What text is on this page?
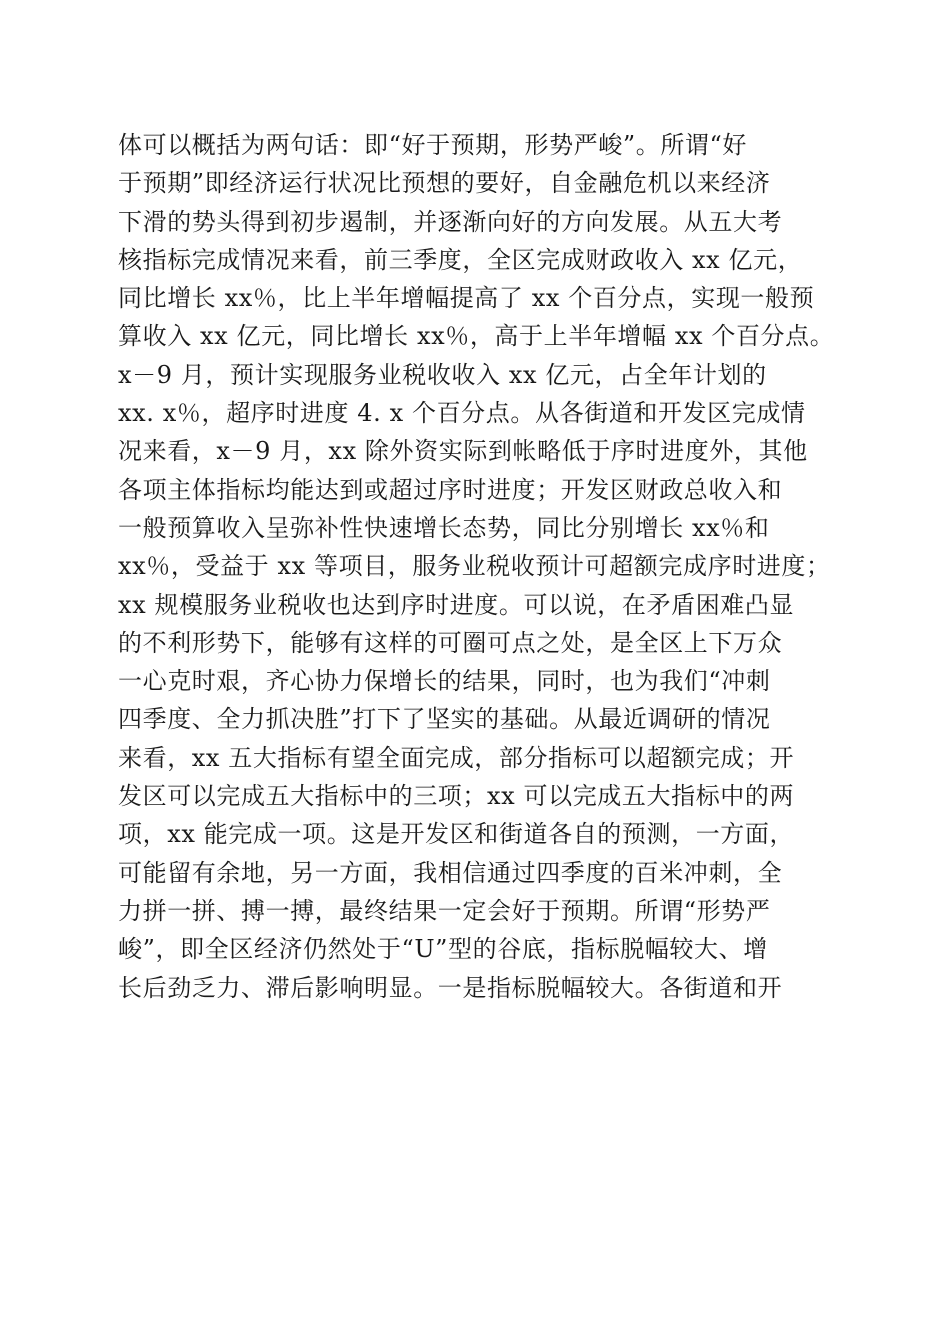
体可以概括为两句话：即“好于预期，形势严峻”。所谓“好
于预期”即经济运行状况比预想的要好，自金融危机以来经济
下滑的势头得到初步遏制，并逐渐向好的方向发展。从五大考
核指标完成情况来看，前三季度，全区完成财政收入 xx 亿元，
同比增长 xx％，比上半年增幅提高了 xx 个百分点，实现一般预
算收入 xx 亿元，同比增长 xx％，高于上半年增幅 xx 个百分点。
x－9 月，预计实现服务业税收收入 xx 亿元，占全年计划的
xx. x％，超序时进度 4. x 个百分点。从各街道和开发区完成情
况来看，x－9 月，xx 除外资实际到帐略低于序时进度外，其他
各项主体指标均能达到或超过序时进度；开发区财政总收入和
一般预算收入呈弥补性快速增长态势，同比分别增长 xx％和
xx％，受益于 xx 等项目，服务业税收预计可超额完成序时进度；
xx 规模服务业税收也达到序时进度。可以说，在矛盾困难凸显
的不利形势下，能够有这样的可圈可点之处，是全区上下万众
一心克时艰，齐心协力保增长的结果，同时，也为我们“冲刺
四季度、全力抓决胜”打下了坚实的基础。从最近调研的情况
来看，xx 五大指标有望全面完成，部分指标可以超额完成；开
发区可以完成五大指标中的三项；xx 可以完成五大指标中的两
项，xx 能完成一项。这是开发区和街道各自的预测，一方面，
可能留有余地，另一方面，我相信通过四季度的百米冲刺，全
力拼一拼、搏一搏，最终结果一定会好于预期。所谓“形势严
峻”，即全区经济仍然处于“U”型的谷底，指标脱幅较大、增
长后劲乏力、滞后影响明显。一是指标脱幅较大。各街道和开
